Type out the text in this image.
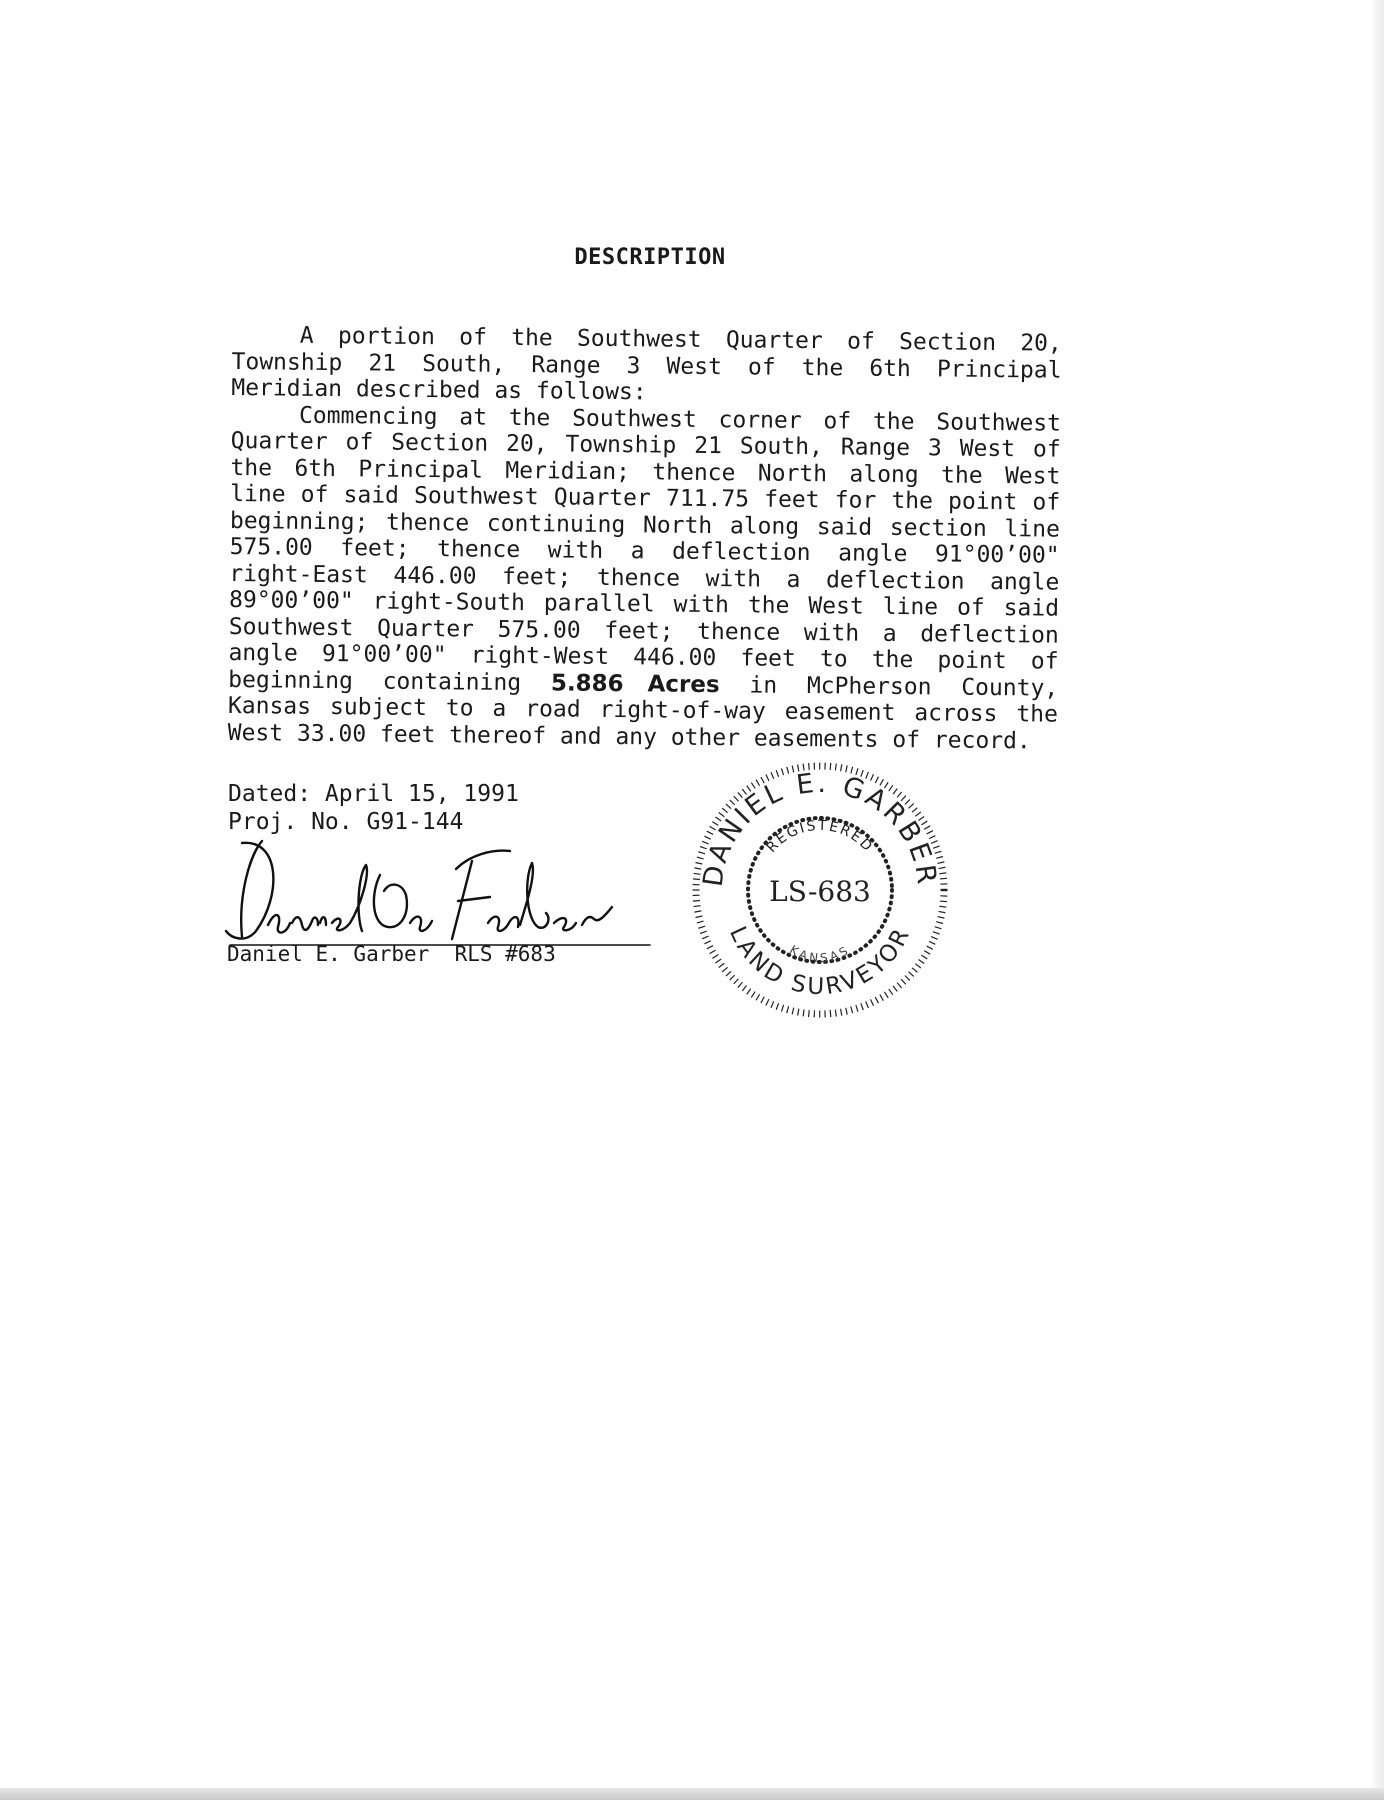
DESCRIPTION

A portion of the Southwest Quarter of Section 20, Township 21 South, Range 3 West of the 6th Principal Meridian described as follows:

Commencing at the Southwest corner of the Southwest Quarter of Section 20, Township 21 South, Range 3 West of the 6th Principal Meridian; thence North along the West line of said Southwest Quarter 711.75 feet for the point of beginning; thence continuing North along said section line 575.00 feet; thence with a deflection angle 91°00’00" right-East 446.00 feet; thence with a deflection angle 89°00’00" right-South parallel with the West line of said Southwest Quarter 575.00 feet; thence with a deflection angle 91°00’00" right-West 446.00 feet to the point of beginning containing 5.886 Acres in McPherson County, Kansas subject to a road right-of-way easement across the West 33.00 feet thereof and any other easements of record.

Dated: April 15, 1991
Proj. No. G91-144
Daniel E. Garber  RLS #683
DANIEL E. GARBER
REGISTERED
LAND SURVEYOR
KANSAS
LS-683
